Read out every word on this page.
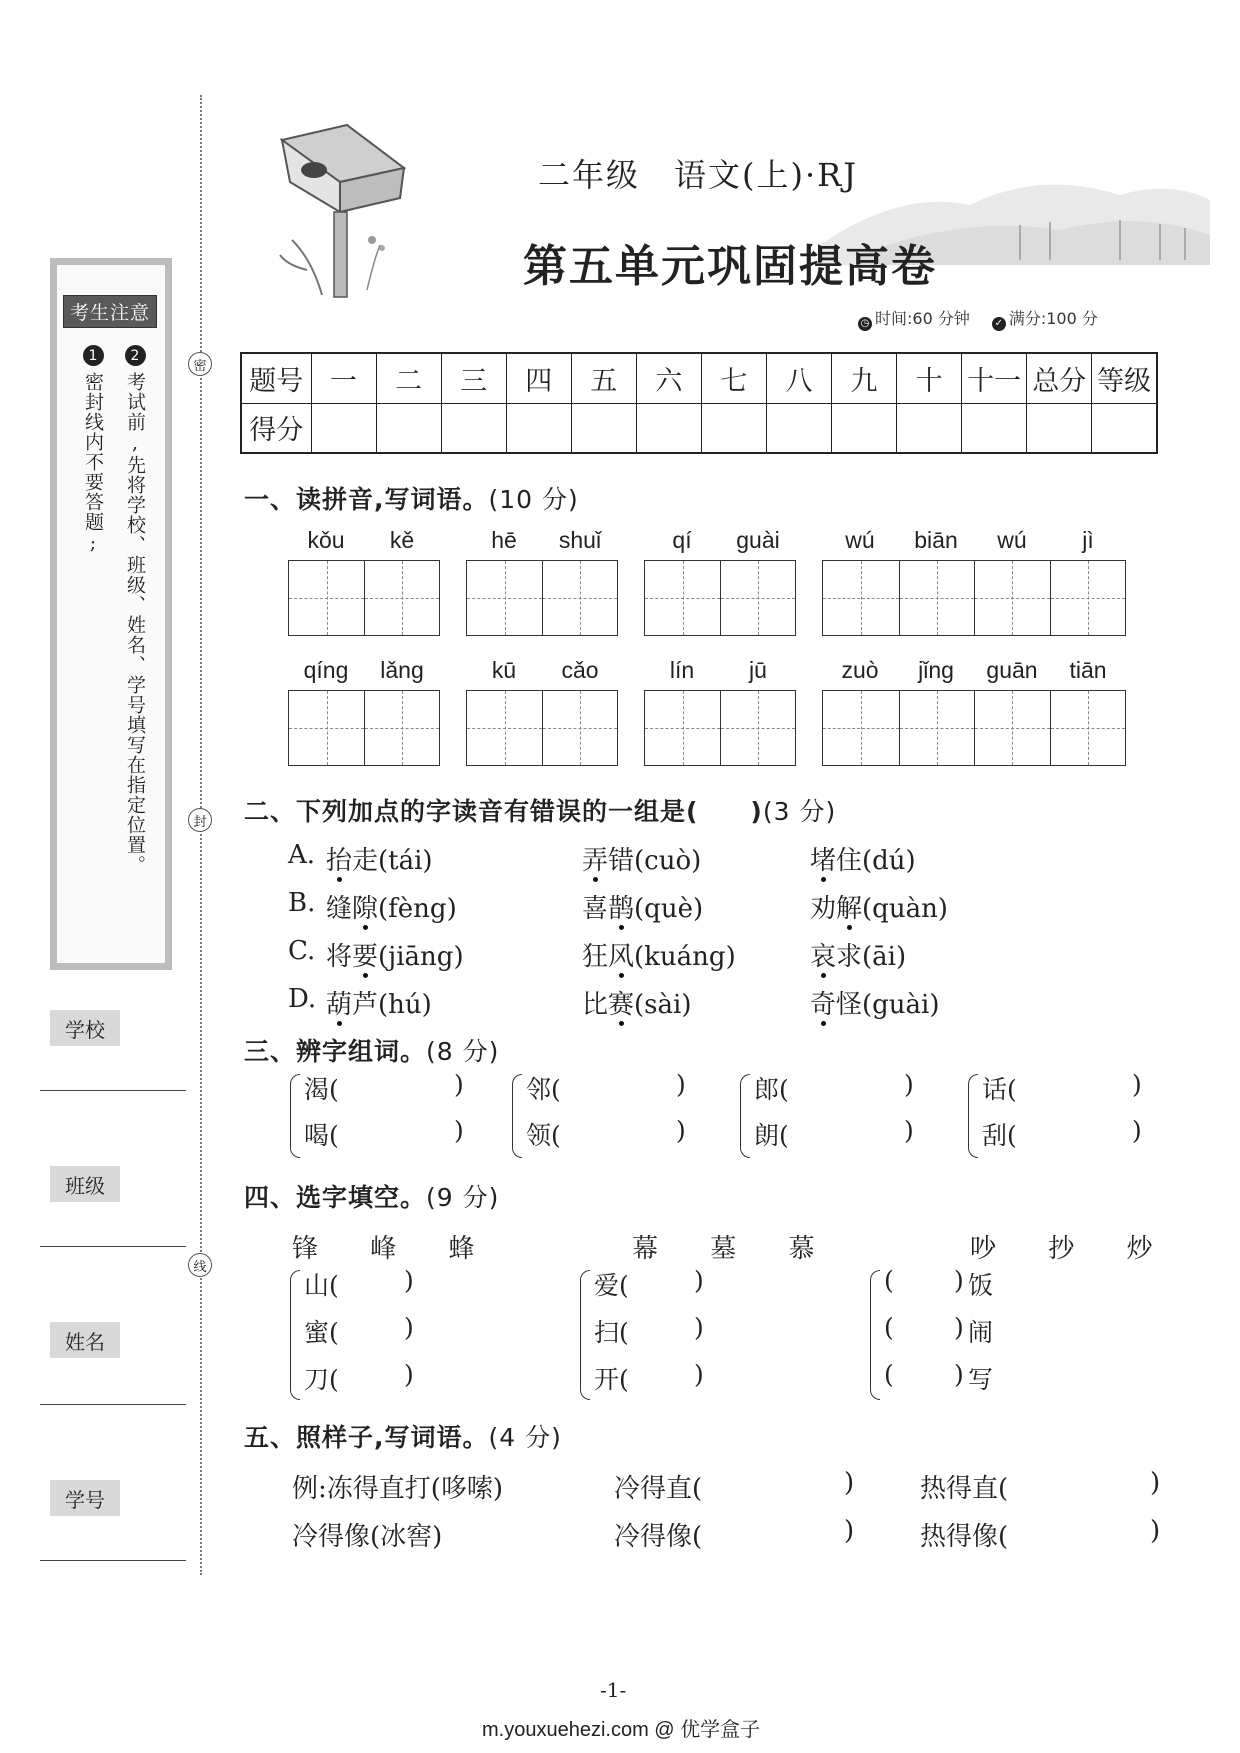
密
封
线
考生注意
1
密封线内不要答题;
2
考试前,先将学校、班级、姓名、学号填写在指定位置。
学校
班级
姓名
学号
二年级　语文(上)·RJ
第五单元巩固提高卷
◷ 时间:60 分钟 ✓ 满分:100 分
题号	一	二	三	四	五	六	七	八	九	十	十一	总分	等级
得分													
一、读拼音,写词语。(10 分)
kǒu	kě	hē	shuǐ	qí	guài	wú	biān	wú	jì
qíng	lǎng	kū	cǎo	lín	jū	zuò	jǐng	guān	tiān
二、下列加点的字读音有错误的一组是(　　)(3 分)
A. 抬走(tái)	弄错(cuò)	堵住(dú)
B. 缝隙(fèng)	喜鹊(què)	劝解(quàn)
C. 将要(jiāng)	狂风(kuáng)	哀求(āi)
D. 葫芦(hú)	比赛(sài)	奇怪(guài)
三、辨字组词。(8 分)
渴(	)
喝(	)
邻(	)
领(	)
郎(	)
朗(	)
话(	)
刮(	)
四、选字填空。(9 分)
锋 峰 蜂	幕 墓 慕	吵 抄 炒
山(	)
蜜(	)
刀(	)
爱(	)
扫(	)
开(	)
( ) 饭
( ) 闹
( ) 写
五、照样子,写词语。(4 分)
例:冻得直打(哆嗦)
冷得像(冰窖)
冷得直(	)	热得直(	)
冷得像(	)	热得像(	)
-1-
m.youxuehezi.com @ 优学盒子
